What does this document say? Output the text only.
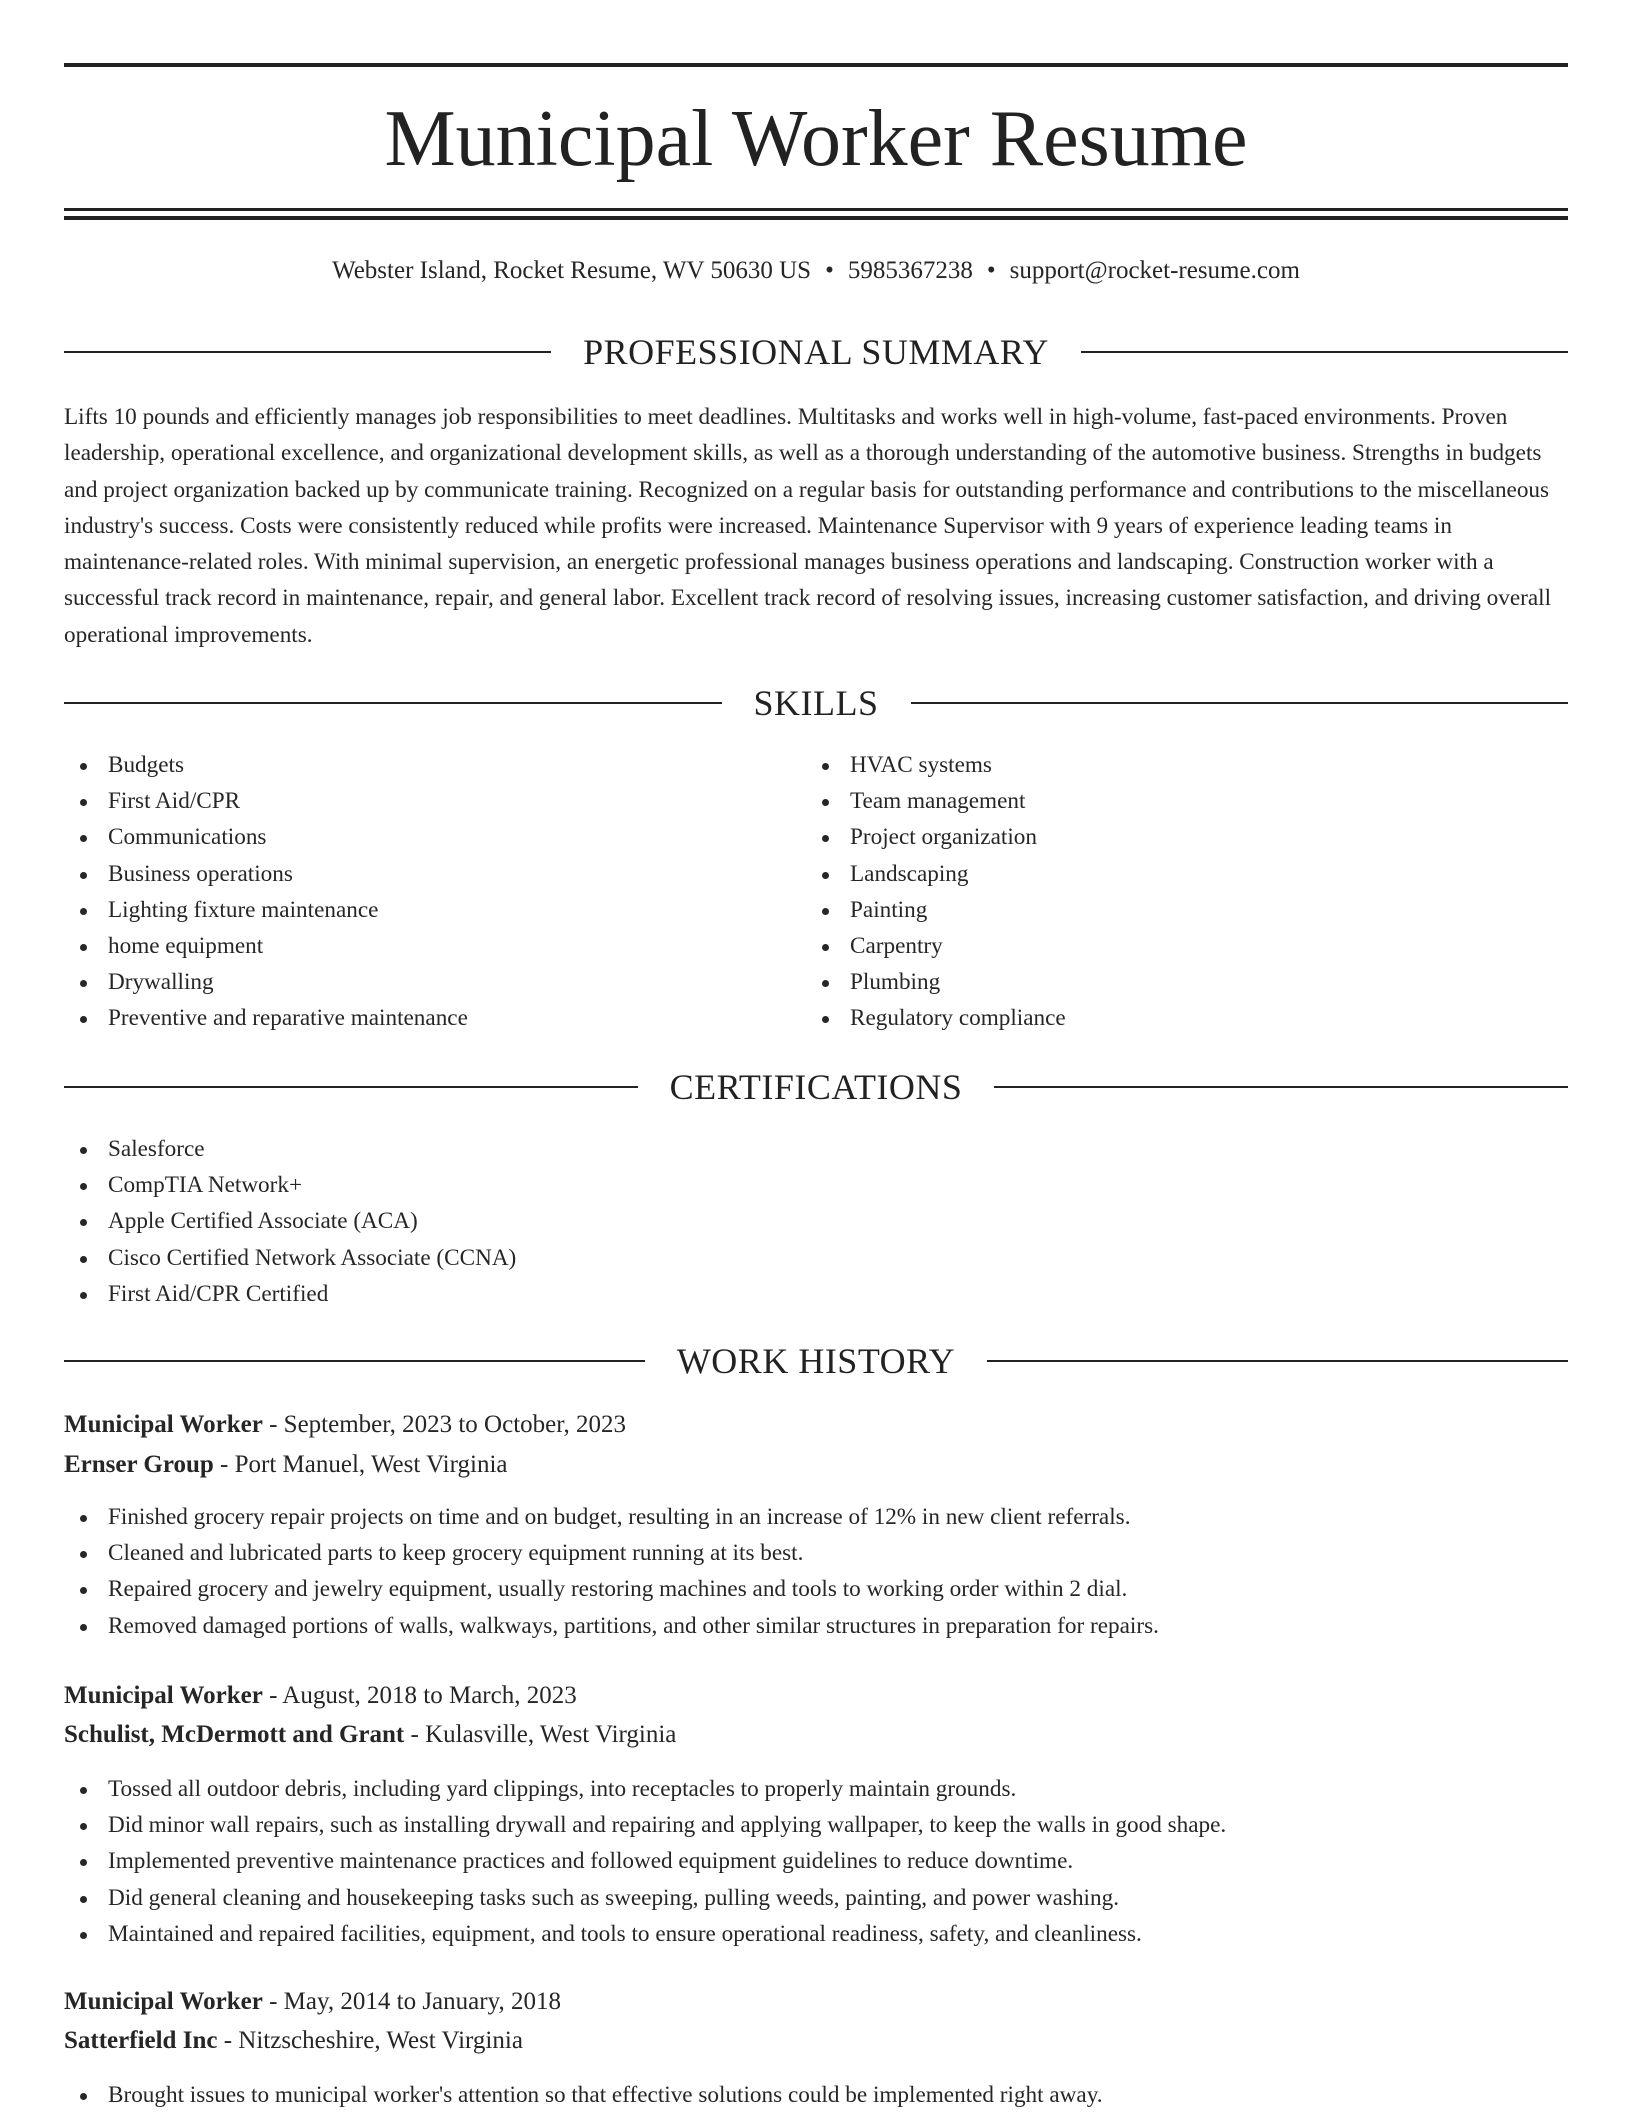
Municipal Worker Resume
Webster Island, Rocket Resume, WV 50630 US • 5985367238 • support@rocket-resume.com
PROFESSIONAL SUMMARY

Lifts 10 pounds and efficiently manages job responsibilities to meet deadlines. Multitasks and works well in high-volume, fast-paced environments. Proven leadership, operational excellence, and organizational development skills, as well as a thorough understanding of the automotive business. Strengths in budgets and project organization backed up by communicate training. Recognized on a regular basis for outstanding performance and contributions to the miscellaneous industry's success. Costs were consistently reduced while profits were increased. Maintenance Supervisor with 9 years of experience leading teams in maintenance-related roles. With minimal supervision, an energetic professional manages business operations and landscaping. Construction worker with a successful track record in maintenance, repair, and general labor. Excellent track record of resolving issues, increasing customer satisfaction, and driving overall operational improvements.

SKILLS
Budgets
First Aid/CPR
Communications
Business operations
Lighting fixture maintenance
home equipment
Drywalling
Preventive and reparative maintenance
HVAC systems
Team management
Project organization
Landscaping
Painting
Carpentry
Plumbing
Regulatory compliance
CERTIFICATIONS
Salesforce
CompTIA Network+
Apple Certified Associate (ACA)
Cisco Certified Network Associate (CCNA)
First Aid/CPR Certified
WORK HISTORY
Municipal Worker - September, 2023 to October, 2023
Ernser Group - Port Manuel, West Virginia
Finished grocery repair projects on time and on budget, resulting in an increase of 12% in new client referrals.
Cleaned and lubricated parts to keep grocery equipment running at its best.
Repaired grocery and jewelry equipment, usually restoring machines and tools to working order within 2 dial.
Removed damaged portions of walls, walkways, partitions, and other similar structures in preparation for repairs.
Municipal Worker - August, 2018 to March, 2023
Schulist, McDermott and Grant - Kulasville, West Virginia
Tossed all outdoor debris, including yard clippings, into receptacles to properly maintain grounds.
Did minor wall repairs, such as installing drywall and repairing and applying wallpaper, to keep the walls in good shape.
Implemented preventive maintenance practices and followed equipment guidelines to reduce downtime.
Did general cleaning and housekeeping tasks such as sweeping, pulling weeds, painting, and power washing.
Maintained and repaired facilities, equipment, and tools to ensure operational readiness, safety, and cleanliness.
Municipal Worker - May, 2014 to January, 2018
Satterfield Inc - Nitzscheshire, West Virginia
Brought issues to municipal worker's attention so that effective solutions could be implemented right away.
